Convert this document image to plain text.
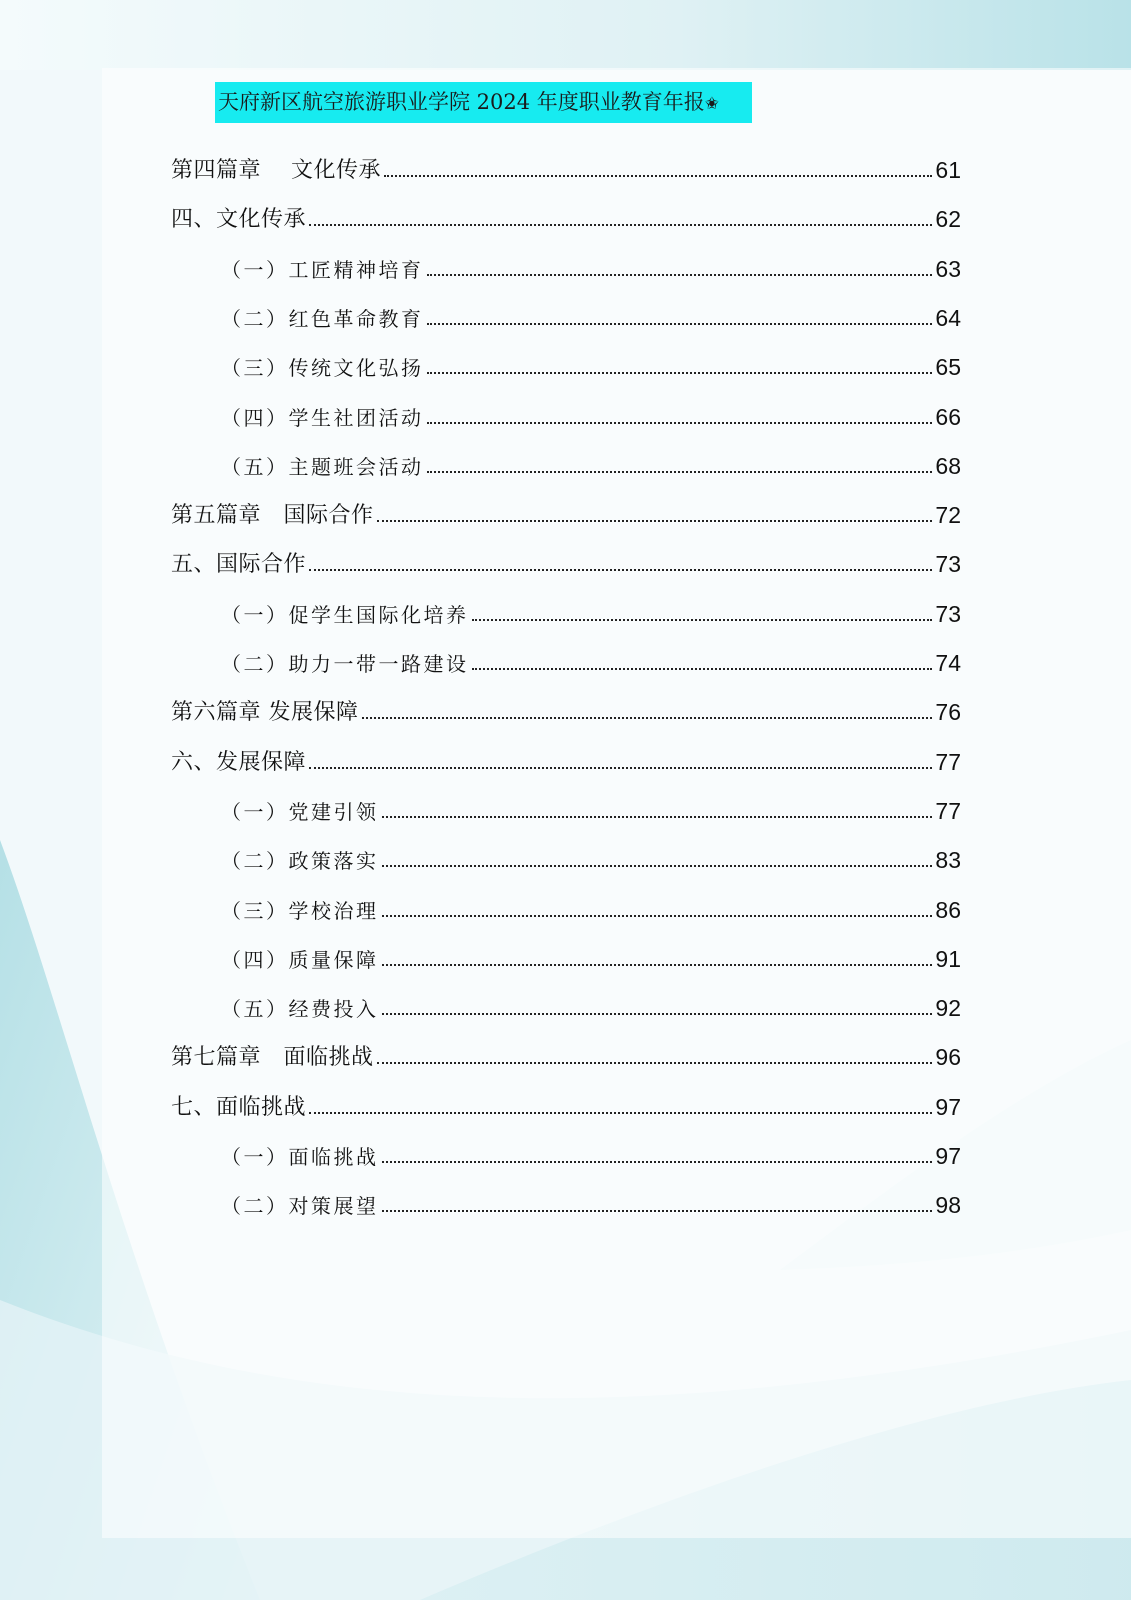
天府新区航空旅游职业学院 2024 年度职业教育年报✬
第四篇章　 文化传承	61
四、文化传承	62
（一）工匠精神培育	63
（二）红色革命教育	64
（三）传统文化弘扬	65
（四）学生社团活动	66
（五）主题班会活动	68
第五篇章　国际合作	72
五、国际合作	73
（一）促学生国际化培养	73
（二）助力一带一路建设	74
第六篇章 发展保障	76
六、发展保障	77
（一）党建引领	77
（二）政策落实	83
（三）学校治理	86
（四）质量保障	91
（五）经费投入	92
第七篇章　面临挑战	96
七、面临挑战	97
（一）面临挑战	97
（二）对策展望	98
